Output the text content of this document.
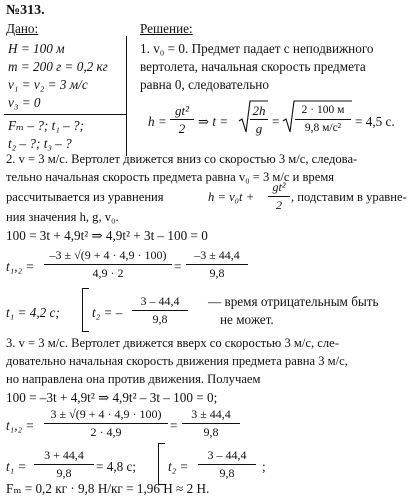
№313.
Дано:
H = 100 м
m = 200 г = 0,2 кг
v₁ = v₂ = 3 м/с
v₃ = 0
Fₘ – ?; t₁ – ?;
t₂ – ?; t₃ – ?
Решение:
1. v₀ = 0. Предмет падает с неподвижного
вертолета, начальная скорость предмета
равна 0, следовательно
h =
gt²
2 ⇒ t =
2h
g =
2 · 100 м
9,8 м/с²	= 4,5 с.
2. v = 3 м/с. Вертолет движется вниз со скоростью 3 м/с, следова-
тельно начальная скорость предмета равна v₀ = 3 м/с и время
рассчитывается из уравнения	h = v₀t +
gt²
2
, подставим в уравне-
ния значения h, g, v₀.
100 = 3t + 4,9t² ⇒ 4,9t² + 3t – 100 = 0
t₁,₂ =
–3 ± √(9 + 4 · 4,9 · 100)
4,9 · 2	=
–3 ± 44,4
9,8
t₁ = 4,2 с; t₂ = –
3 – 44,4
9,8
— время отрицательным быть
не может.
3. v = 3 м/с. Вертолет движется вверх со скоростью 3 м/с, сле-
довательно начальная скорость движения предмета равна 3 м/с,
но направлена она против движения. Получаем
100 = –3t + 4,9t² ⇒ 4,9t² – 3t – 100 = 0;
t₁,₂ =
3 ± √(9 + 4 · 4,9 · 100)
2 · 4,9	=
3 ± 44,4
9,8
t₁ =
3 + 44,4
9,8	= 4,8 с; t₂ =
3 – 44,4
9,8	;
Fₘ = 0,2 кг · 9,8 Н/кг = 1,96 Н ≈ 2 Н.
